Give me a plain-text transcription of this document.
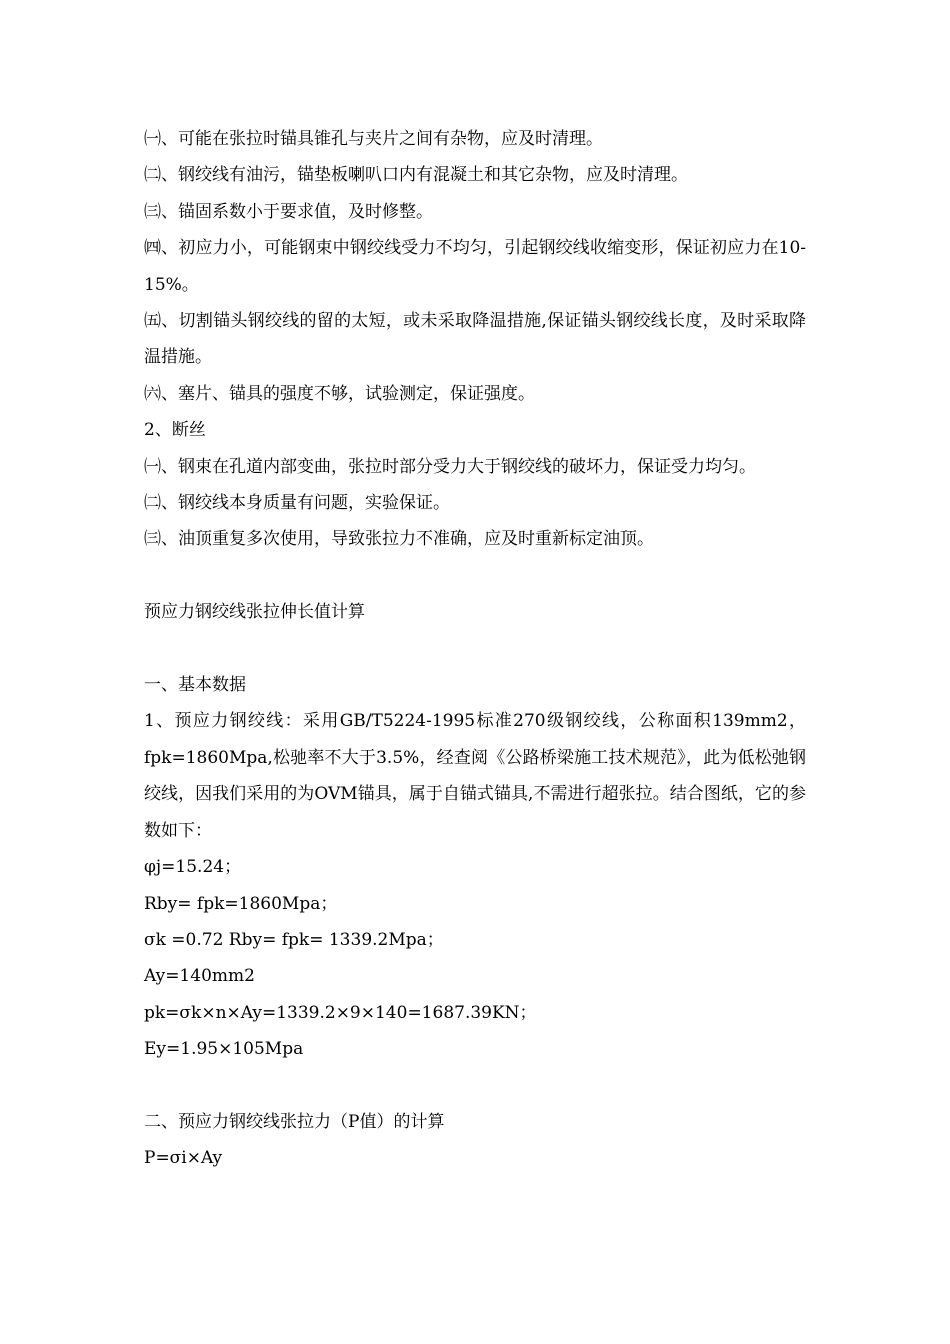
㈠、可能在张拉时锚具锥孔与夹片之间有杂物，应及时清理。

㈡、钢绞线有油污，锚垫板喇叭口内有混凝土和其它杂物，应及时清理。

㈢、锚固系数小于要求值，及时修整。

㈣、初应力小，可能钢束中钢绞线受力不均匀，引起钢绞线收缩变形，保证初应力在10-15%。

㈤、切割锚头钢绞线的留的太短，或未采取降温措施,保证锚头钢绞线长度，及时采取降温措施。

㈥、塞片、锚具的强度不够，试验测定，保证强度。

2、断丝

㈠、钢束在孔道内部变曲，张拉时部分受力大于钢绞线的破坏力，保证受力均匀。

㈡、钢绞线本身质量有问题，实验保证。

㈢、油顶重复多次使用，导致张拉力不准确，应及时重新标定油顶。

预应力钢绞线张拉伸长值计算

一、基本数据

1、预应力钢绞线：采用GB/T5224-1995标准270级钢绞线，公称面积139mm2，fpk=1860Mpa,松驰率不大于3.5%，经查阅《公路桥梁施工技术规范》，此为低松弛钢绞线，因我们采用的为OVM锚具，属于自锚式锚具,不需进行超张拉。结合图纸，它的参数如下：

φj=15.24；

Rby= fpk=1860Mpa；

σk =0.72 Rby= fpk= 1339.2Mpa；

Ay=140mm2

pk=σk×n×Ay=1339.2×9×140=1687.39KN；

Ey=1.95×105Mpa

二、预应力钢绞线张拉力（P值）的计算

P=σi×Ay
